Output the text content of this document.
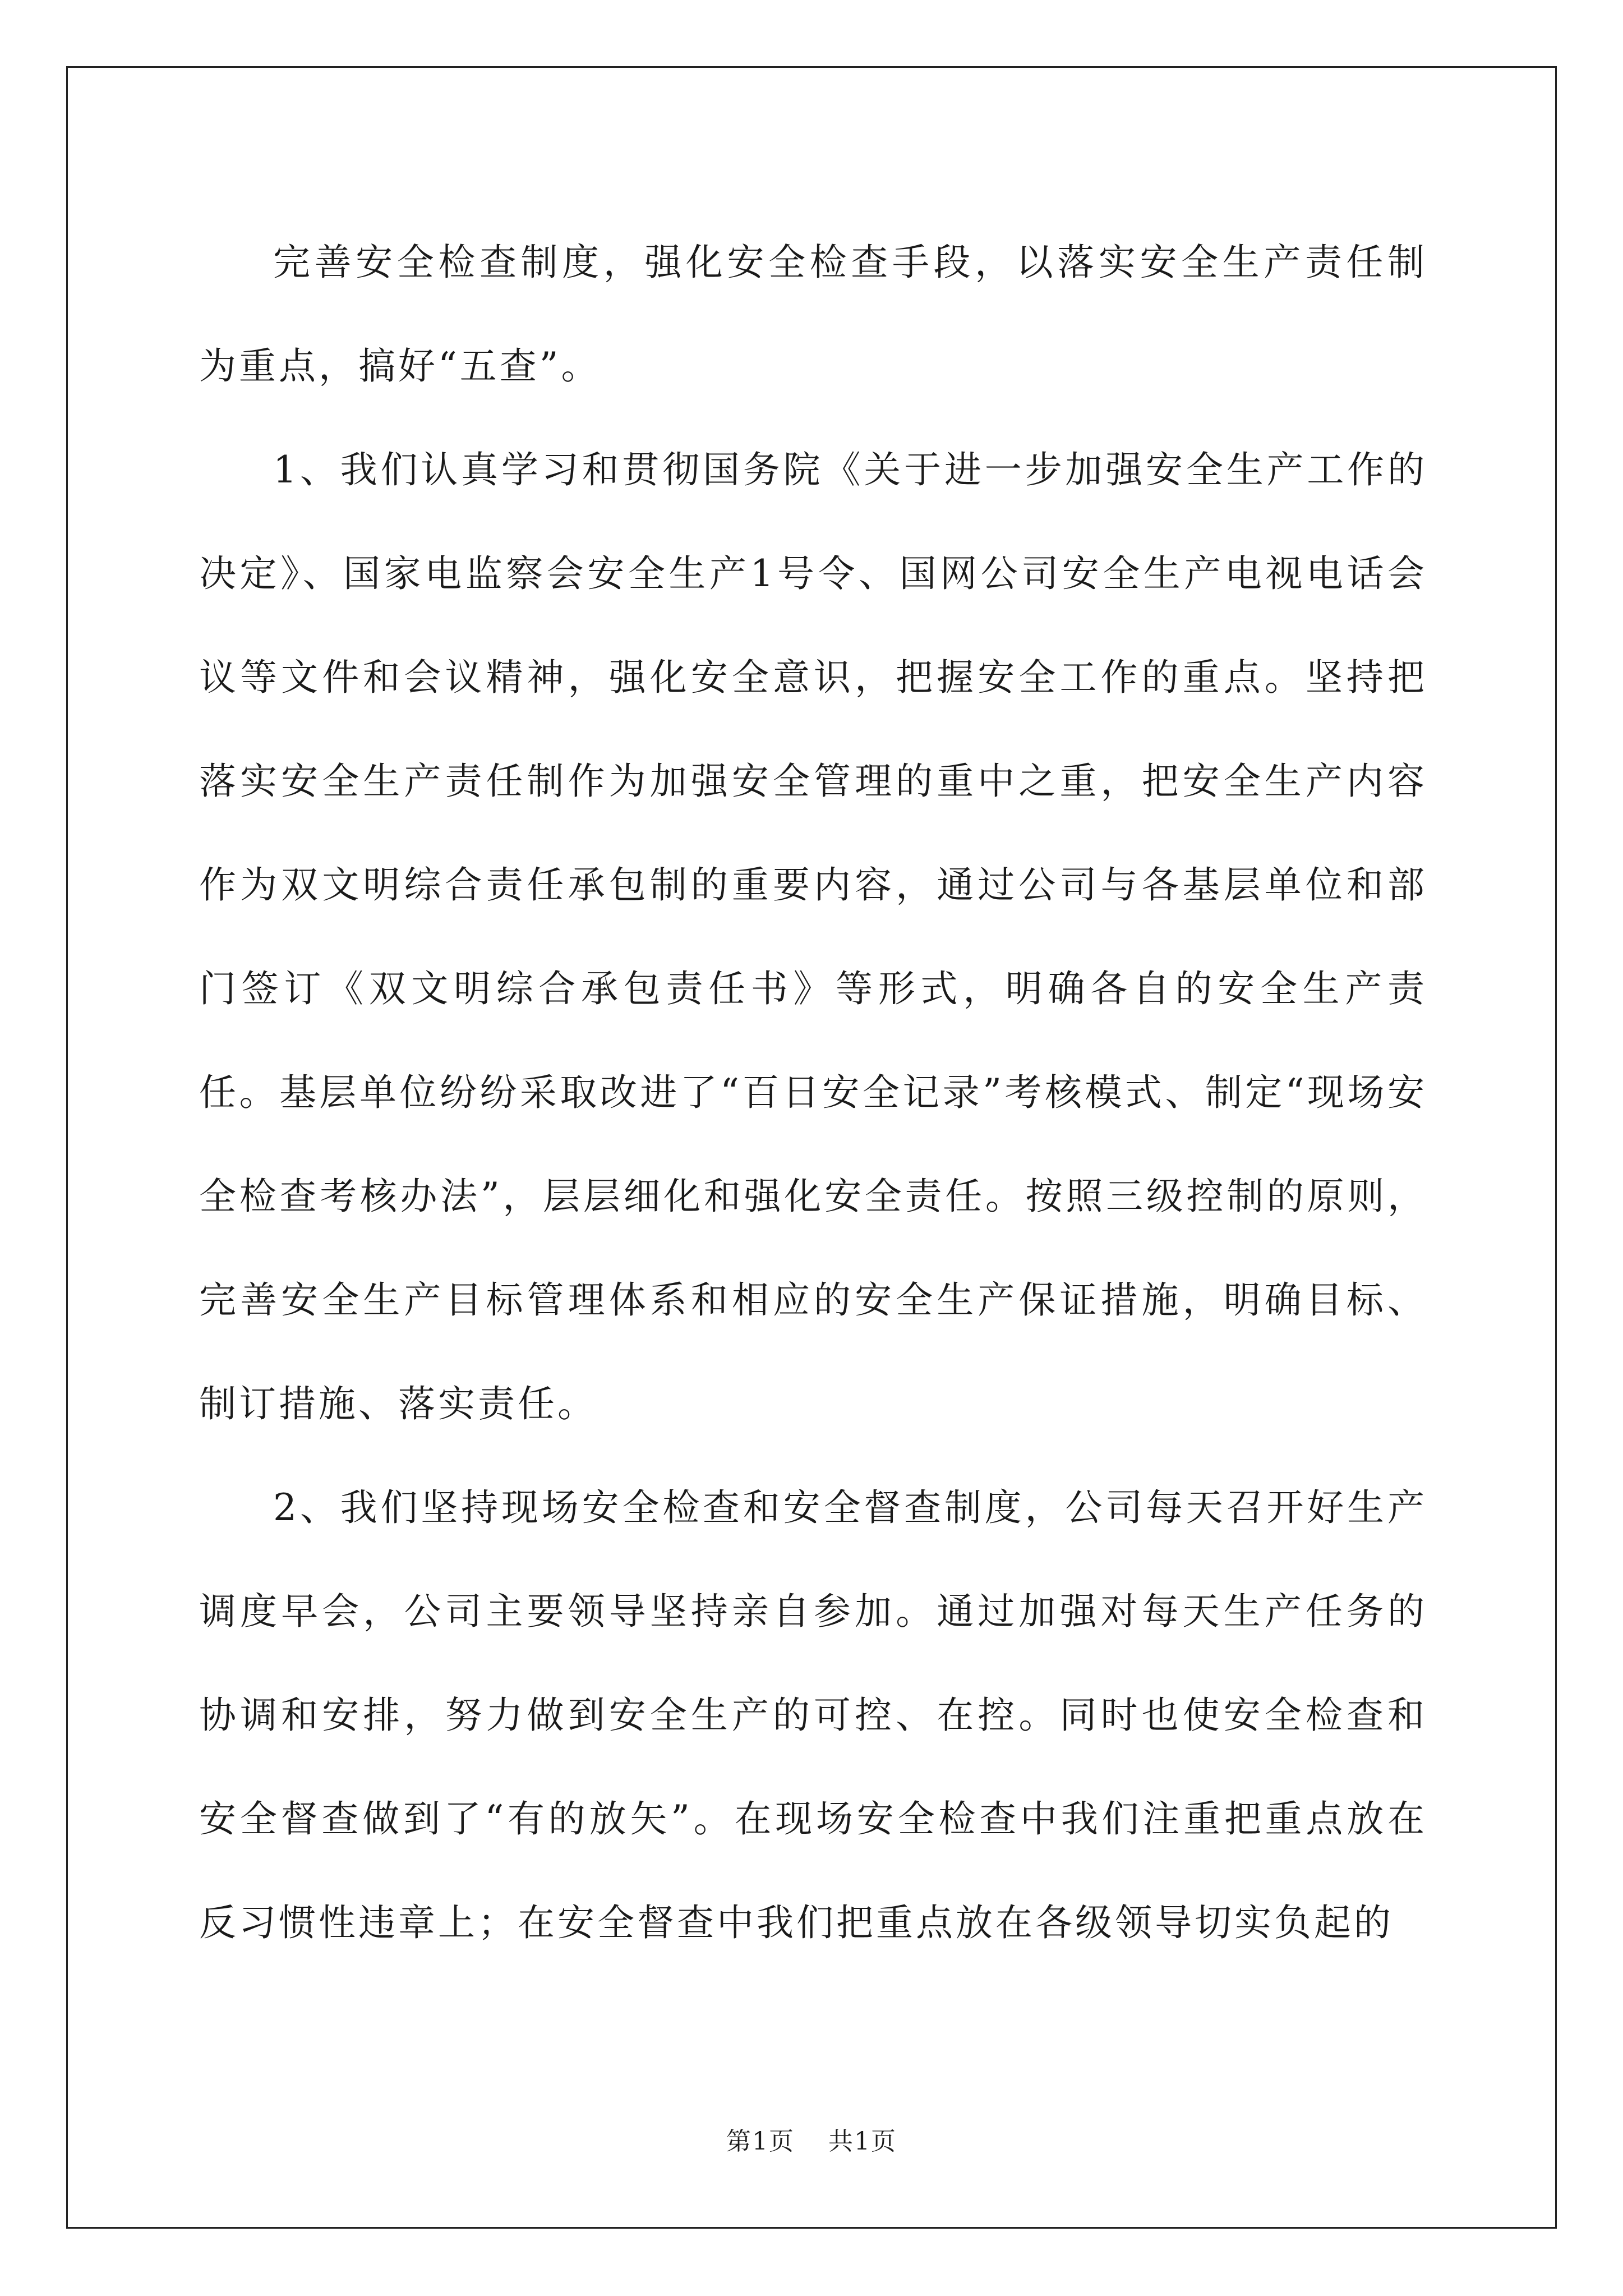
完善安全检查制度，强化安全检查手段，以落实安全生产责任制为重点，搞好“五查”。

1、我们认真学习和贯彻国务院《关于进一步加强安全生产工作的决定》、国家电监察会安全生产1号令、国网公司安全生产电视电话会议等文件和会议精神，强化安全意识，把握安全工作的重点。坚持把落实安全生产责任制作为加强安全管理的重中之重，把安全生产内容作为双文明综合责任承包制的重要内容，通过公司与各基层单位和部门签订《双文明综合承包责任书》等形式，明确各自的安全生产责任。基层单位纷纷采取改进了“百日安全记录”考核模式、制定“现场安全检查考核办法”，层层细化和强化安全责任。按照三级控制的原则，完善安全生产目标管理体系和相应的安全生产保证措施，明确目标、制订措施、落实责任。

2、我们坚持现场安全检查和安全督查制度，公司每天召开好生产调度早会，公司主要领导坚持亲自参加。通过加强对每天生产任务的协调和安排，努力做到安全生产的可控、在控。同时也使安全检查和安全督查做到了“有的放矢”。在现场安全检查中我们注重把重点放在反习惯性违章上；在安全督查中我们把重点放在各级领导切实负起的

第1页 共1页
